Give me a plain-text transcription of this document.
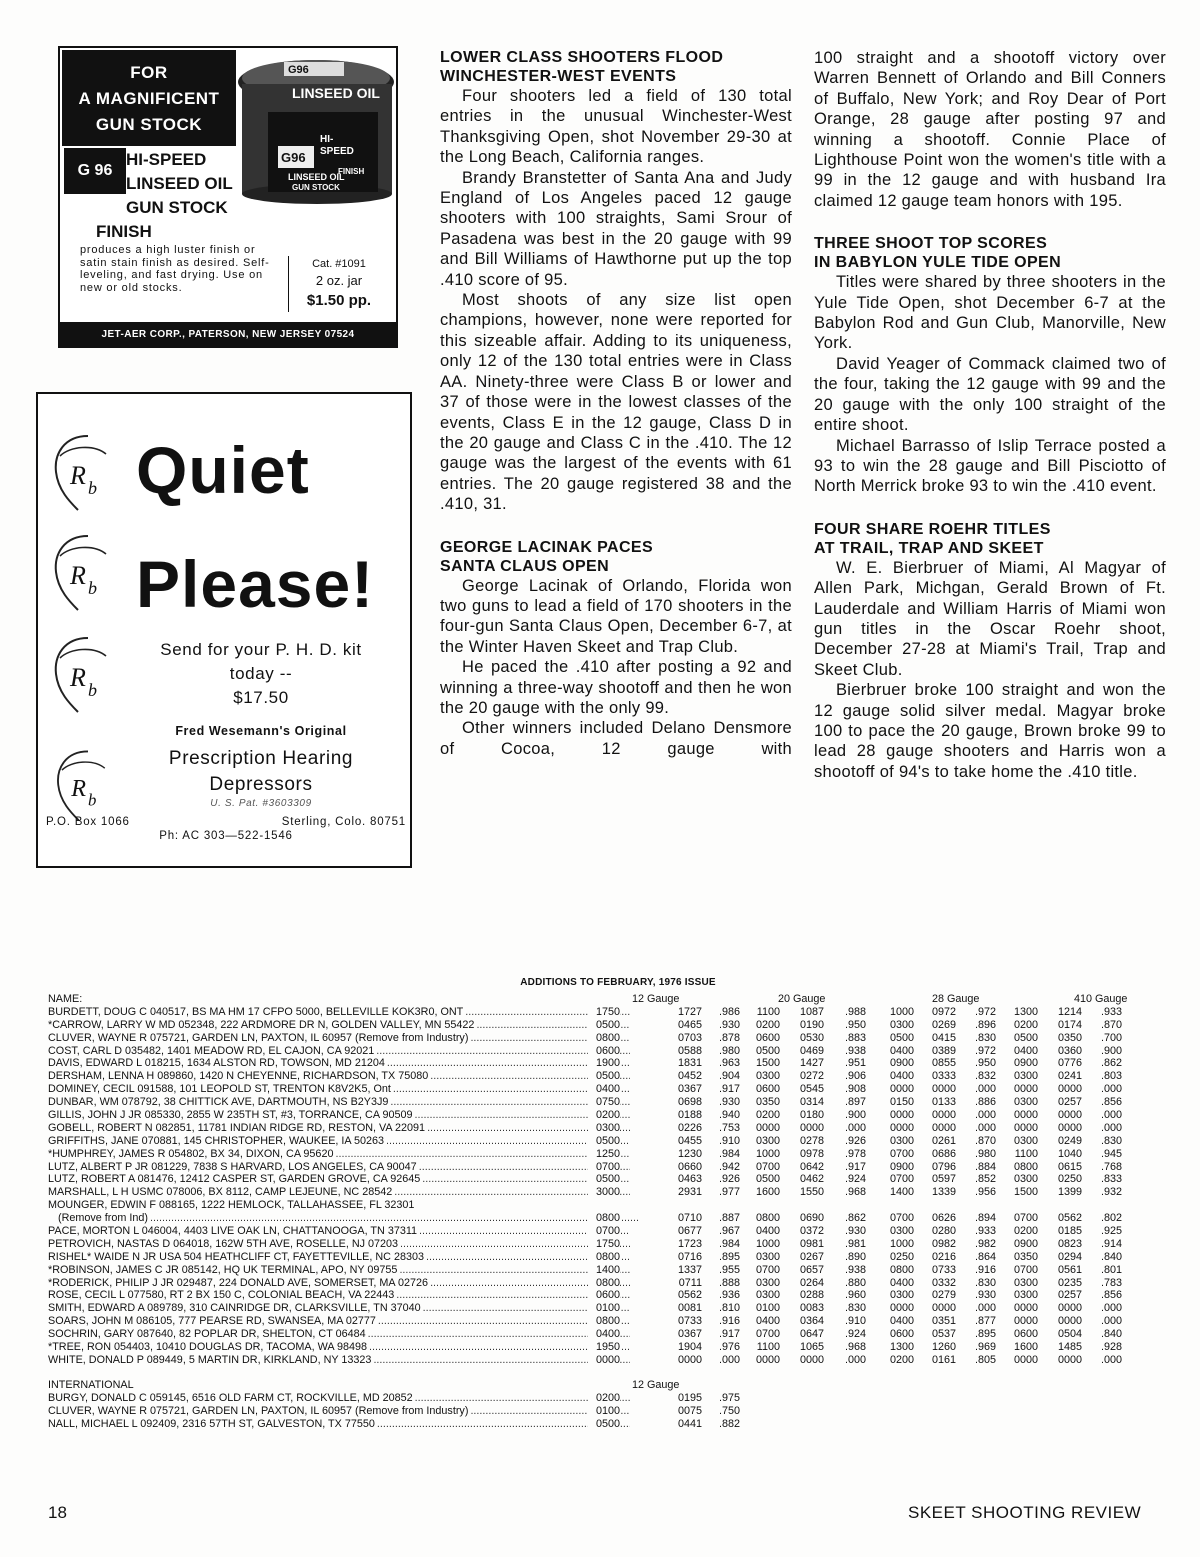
FOR
A MAGNIFICENT
GUN STOCK
G96
G96
HI-
SPEED
LINSEED OIL
GUN STOCK
FINISH
LINSEED OIL
G 96
HI-SPEED
LINSEED OIL
GUN STOCK
FINISH
produces a high luster finish or satin stain finish as desired. Self-leveling, and fast drying. Use on new or old stocks.
Cat. #1091
2 oz. jar
$1.50 pp.
JET-AER CORP., PATERSON, NEW JERSEY 07524
R b Quiet
R b Please!
R b
Send for your P. H. D. kit
today --
$17.50
R b
Fred Wesemann's Original
Prescription Hearing
Depressors
U. S. Pat. #3603309
P.O. Box 1066	Sterling, Colo. 80751
Ph: AC 303—522-1546
LOWER CLASS SHOOTERS FLOOD
WINCHESTER-WEST EVENTS

Four shooters led a field of 130 total entries in the unusual Winchester-West Thanksgiving Open, shot November 29-30 at the Long Beach, California ranges.

Brandy Branstetter of Santa Ana and Judy England of Los Angeles paced 12 gauge shooters with 100 straights, Sami Srour of Pasadena was best in the 20 gauge with 99 and Bill Williams of Hawthorne put up the top .410 score of 95.

Most shoots of any size list open champions, however, none were reported for this sizeable affair. Adding to its uniqueness, only 12 of the 130 total entries were in Class AA. Ninety-three were Class B or lower and 37 of those were in the lowest classes of the events, Class E in the 12 gauge, Class D in the 20 gauge and Class C in the .410. The 12 gauge was the largest of the events with 61 entries. The 20 gauge registered 38 and the .410, 31.

GEORGE LACINAK PACES
SANTA CLAUS OPEN

George Lacinak of Orlando, Florida won two guns to lead a field of 170 shooters in the four-gun Santa Claus Open, December 6-7, at the Winter Haven Skeet and Trap Club.

He paced the .410 after posting a 92 and winning a three-way shootoff and then he won the 20 gauge with the only 99.

Other winners included Delano Densmore of Cocoa, 12 gauge with

100 straight and a shootoff victory over Warren Bennett of Orlando and Bill Conners of Buffalo, New York; and Roy Dear of Port Orange, 28 gauge after posting 97 and winning a shootoff. Connie Place of Lighthouse Point won the women's title with a 99 in the 12 gauge and with husband Ira claimed 12 gauge team honors with 195.

THREE SHOOT TOP SCORES
IN BABYLON YULE TIDE OPEN

Titles were shared by three shooters in the Yule Tide Open, shot December 6-7 at the Babylon Rod and Gun Club, Manorville, New York.

David Yeager of Commack claimed two of the four, taking the 12 gauge with 99 and the 20 gauge with the only 100 straight of the entire shoot.

Michael Barrasso of Islip Terrace posted a 93 to win the 28 gauge and Bill Pisciotto of North Merrick broke 93 to win the .410 event.

FOUR SHARE ROEHR TITLES
AT TRAIL, TRAP AND SKEET

W. E. Bierbruer of Miami, Al Magyar of Allen Park, Michgan, Gerald Brown of Ft. Lauderdale and William Harris of Miami won gun titles in the Oscar Roehr shoot, December 27-28 at Miami's Trail, Trap and Skeet Club.

Bierbruer broke 100 straight and won the 12 gauge solid silver medal. Magyar broke 100 to pace the 20 gauge, Brown broke 99 to lead 28 gauge shooters and Harris won a shootoff of 94's to take home the .410 title.

ADDITIONS TO FEBRUARY, 1976 ISSUE
NAME:	12 Gauge	20 Gauge	28 Gauge	410 Gauge
BURDETT, DOUG C 040517, BS MA HM 17 CFPO 5000, BELLEVILLE KOK3R0, ONT .....	1750	1727	.986	1100	1087	.988	1000	0972	.972	1300	1214	.933
*CARROW, LARRY W MD 052348, 222 ARDMORE DR N, GOLDEN VALLEY, MN 55422 .....	0500	0465	.930	0200	0190	.950	0300	0269	.896	0200	0174	.870
CLUVER, WAYNE R 075721, GARDEN LN, PAXTON, IL 60957 (Remove from Industry) .....	0800	0703	.878	0600	0530	.883	0500	0415	.830	0500	0350	.700
COST, CARL D 035482, 1401 MEADOW RD, EL CAJON, CA 92021 .....	0600	0588	.980	0500	0469	.938	0400	0389	.972	0400	0360	.900
DAVIS, EDWARD L 018215, 1634 ALSTON RD, TOWSON, MD 21204 .....	1900	1831	.963	1500	1427	.951	0900	0855	.950	0900	0776	.862
DERSHAM, LENNA H 089860, 1420 N CHEYENNE, RICHARDSON, TX 75080 .....	0500	0452	.904	0300	0272	.906	0400	0333	.832	0300	0241	.803
DOMINEY, CECIL 091588, 101 LEOPOLD ST, TRENTON K8V2K5, Ont .....	0400	0367	.917	0600	0545	.908	0000	0000	.000	0000	0000	.000
DUNBAR, WM 078792, 38 CHITTICK AVE, DARTMOUTH, NS B2Y3J9 .....	0750	0698	.930	0350	0314	.897	0150	0133	.886	0300	0257	.856
GILLIS, JOHN J JR 085330, 2855 W 235TH ST, #3, TORRANCE, CA 90509 .....	0200	0188	.940	0200	0180	.900	0000	0000	.000	0000	0000	.000
GOBELL, ROBERT N 082851, 11781 INDIAN RIDGE RD, RESTON, VA 22091 .....	0300	0226	.753	0000	0000	.000	0000	0000	.000	0000	0000	.000
GRIFFITHS, JANE 070881, 145 CHRISTOPHER, WAUKEE, IA 50263 .....	0500	0455	.910	0300	0278	.926	0300	0261	.870	0300	0249	.830
*HUMPHREY, JAMES R 054802, BX 34, DIXON, CA 95620 .....	1250	1230	.984	1000	0978	.978	0700	0686	.980	1100	1040	.945
LUTZ, ALBERT P JR 081229, 7838 S HARVARD, LOS ANGELES, CA 90047 .....	0700	0660	.942	0700	0642	.917	0900	0796	.884	0800	0615	.768
LUTZ, ROBERT A 081476, 12412 CASPER ST, GARDEN GROVE, CA 92645 .....	0500	0463	.926	0500	0462	.924	0700	0597	.852	0300	0250	.833
MARSHALL, L H USMC 078006, BX 8112, CAMP LEJEUNE, NC 28542 .....	3000	2931	.977	1600	1550	.968	1400	1339	.956	1500	1399	.932
MOUNGER, EDWIN F 088165, 1222 HEMLOCK, TALLAHASSEE, FL 32301
(Remove from Ind) .....	0800	0710	.887	0800	0690	.862	0700	0626	.894	0700	0562	.802
PACE, MORTON L 046004, 4403 LIVE OAK LN, CHATTANOOGA, TN 37311 .....	0700	0677	.967	0400	0372	.930	0300	0280	.933	0200	0185	.925
PETROVICH, NASTAS D 064018, 162W 5TH AVE, ROSELLE, NJ 07203 .....	1750	1723	.984	1000	0981	.981	1000	0982	.982	0900	0823	.914
RISHEL* WAIDE N JR USA 504 HEATHCLIFF CT, FAYETTEVILLE, NC 28303 .....	0800	0716	.895	0300	0267	.890	0250	0216	.864	0350	0294	.840
*ROBINSON, JAMES C JR 085142, HQ UK TERMINAL, APO, NY 09755 .....	1400	1337	.955	0700	0657	.938	0800	0733	.916	0700	0561	.801
*RODERICK, PHILIP J JR 029487, 224 DONALD AVE, SOMERSET, MA 02726 .....	0800	0711	.888	0300	0264	.880	0400	0332	.830	0300	0235	.783
ROSE, CECIL L 077580, RT 2 BX 150 C, COLONIAL BEACH, VA 22443 .....	0600	0562	.936	0300	0288	.960	0300	0279	.930	0300	0257	.856
SMITH, EDWARD A 089789, 310 CAINRIDGE DR, CLARKSVILLE, TN 37040 .....	0100	0081	.810	0100	0083	.830	0000	0000	.000	0000	0000	.000
SOARS, JOHN M 086105, 777 PEARSE RD, SWANSEA, MA 02777 .....	0800	0733	.916	0400	0364	.910	0400	0351	.877	0000	0000	.000
SOCHRIN, GARY 087640, 82 POPLAR DR, SHELTON, CT 06484 .....	0400	0367	.917	0700	0647	.924	0600	0537	.895	0600	0504	.840
*TREE, RON 054403, 10410 DOUGLAS DR, TACOMA, WA 98498 .....	1950	1904	.976	1100	1065	.968	1300	1260	.969	1600	1485	.928
WHITE, DONALD P 089449, 5 MARTIN DR, KIRKLAND, NY 13323 .....	0000	0000	.000	0000	0000	.000	0200	0161	.805	0000	0000	.000
INTERNATIONAL	12 Gauge
BURGY, DONALD C 059145, 6516 OLD FARM CT, ROCKVILLE, MD 20852 .....	0200	0195	.975
CLUVER, WAYNE R 075721, GARDEN LN, PAXTON, IL 60957 (Remove from Industry) .....	0100	0075	.750
NALL, MICHAEL L 092409, 2316 57TH ST, GALVESTON, TX 77550 .....	0500	0441	.882
18	SKEET SHOOTING REVIEW
